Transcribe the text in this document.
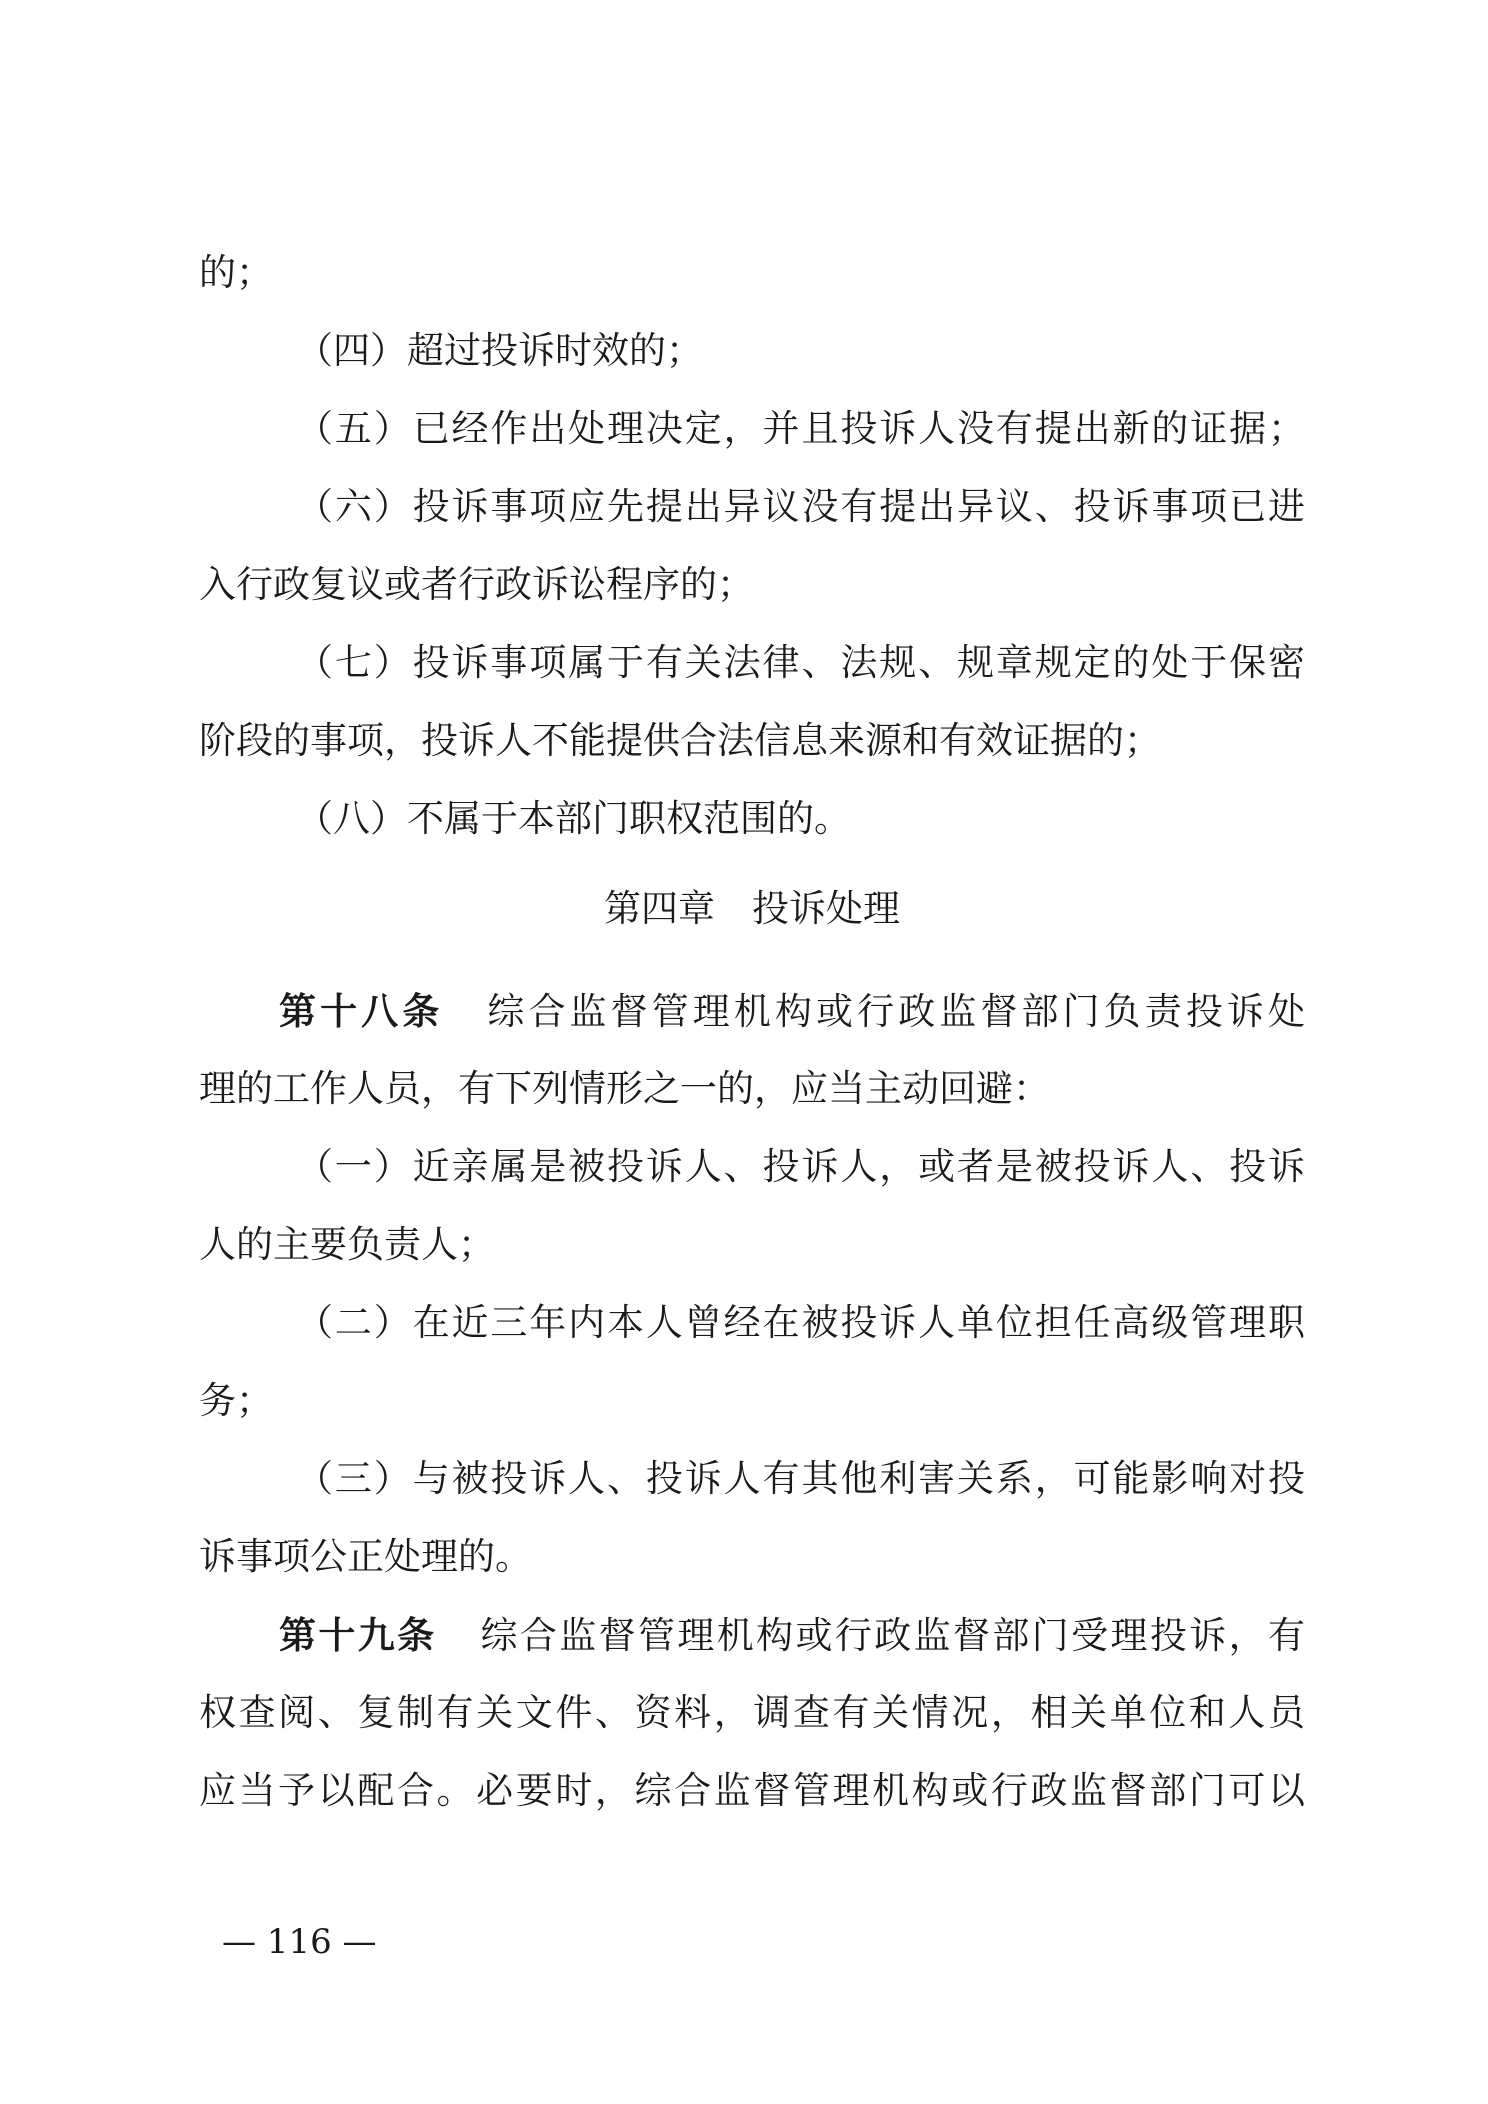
的；
（四）超过投诉时效的；
（五）已经作出处理决定，并且投诉人没有提出新的证据；
（六）投诉事项应先提出异议没有提出异议、投诉事项已进
入行政复议或者行政诉讼程序的；
（七）投诉事项属于有关法律、法规、规章规定的处于保密
阶段的事项，投诉人不能提供合法信息来源和有效证据的；
（八）不属于本部门职权范围的。
第四章　投诉处理
第十八条 综合监督管理机构或行政监督部门负责投诉处
理的工作人员，有下列情形之一的，应当主动回避：
（一）近亲属是被投诉人、投诉人，或者是被投诉人、投诉
人的主要负责人；
（二）在近三年内本人曾经在被投诉人单位担任高级管理职
务；
（三）与被投诉人、投诉人有其他利害关系，可能影响对投
诉事项公正处理的。
第十九条 综合监督管理机构或行政监督部门受理投诉，有
权查阅、复制有关文件、资料，调查有关情况，相关单位和人员
应当予以配合。必要时，综合监督管理机构或行政监督部门可以
— 116 —
